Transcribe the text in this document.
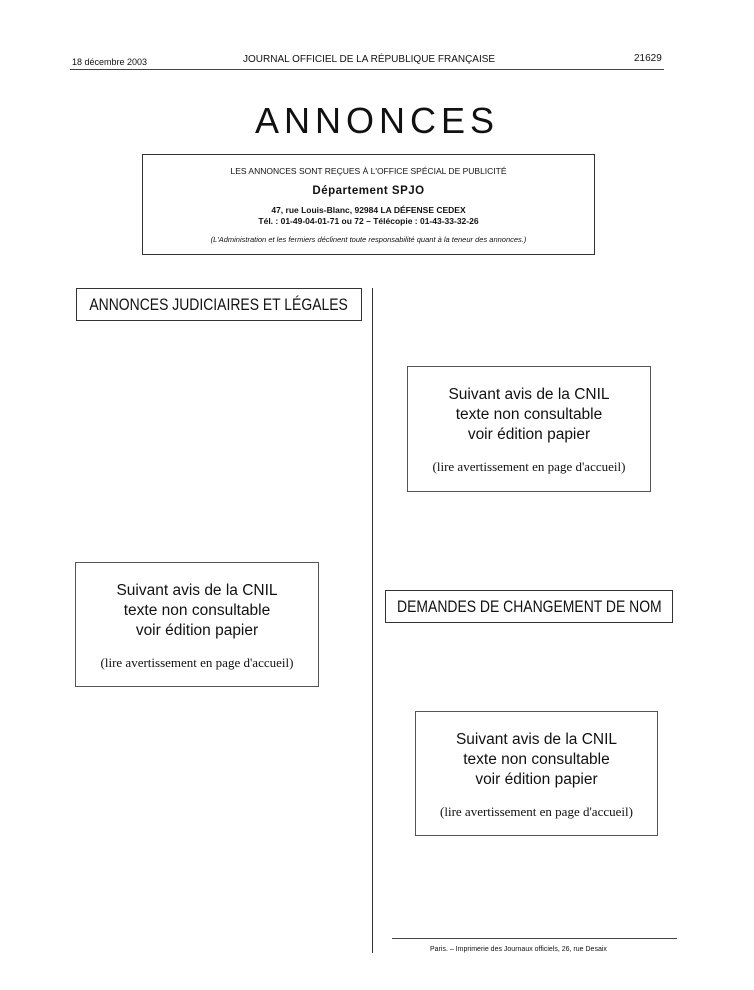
18 décembre 2003	JOURNAL OFFICIEL DE LA RÉPUBLIQUE FRANÇAISE	21629
ANNONCES
LES ANNONCES SONT REÇUES À L'OFFICE SPÉCIAL DE PUBLICITÉ
Département SPJO
47, rue Louis-Blanc, 92984 LA DÉFENSE CEDEX
Tél. : 01-49-04-01-71 ou 72 – Télécopie : 01-43-33-32-26
(L'Administration et les fermiers déclinent toute responsabilité quant à la teneur des annonces.)
ANNONCES JUDICIAIRES ET LÉGALES
Suivant avis de la CNIL
texte non consultable
voir édition papier
(lire avertissement en page d'accueil)
Suivant avis de la CNIL
texte non consultable
voir édition papier
(lire avertissement en page d'accueil)
DEMANDES DE CHANGEMENT DE NOM
Suivant avis de la CNIL
texte non consultable
voir édition papier
(lire avertissement en page d'accueil)
Paris. – Imprimerie des Journaux officiels, 26, rue Desaix
